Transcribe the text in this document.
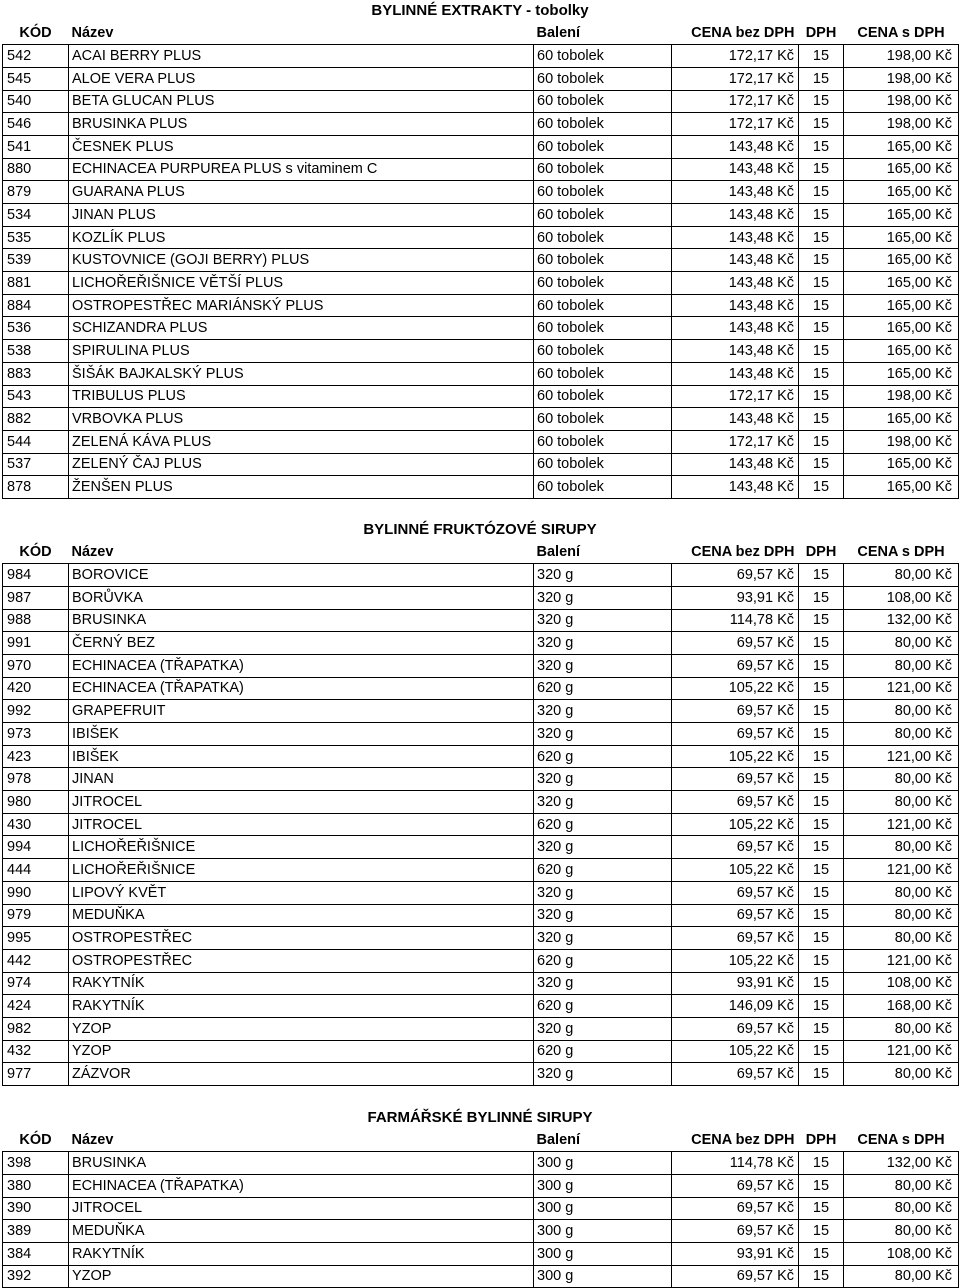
BYLINNÉ EXTRAKTY - tobolky
KÓD	Název	Balení	CENA bez DPH	DPH	CENA s DPH
542	ACAI BERRY PLUS	60 tobolek	172,17 Kč	15	198,00 Kč
545	ALOE VERA PLUS	60 tobolek	172,17 Kč	15	198,00 Kč
540	BETA GLUCAN PLUS	60 tobolek	172,17 Kč	15	198,00 Kč
546	BRUSINKA PLUS	60 tobolek	172,17 Kč	15	198,00 Kč
541	ČESNEK PLUS	60 tobolek	143,48 Kč	15	165,00 Kč
880	ECHINACEA PURPUREA PLUS s vitaminem C	60 tobolek	143,48 Kč	15	165,00 Kč
879	GUARANA PLUS	60 tobolek	143,48 Kč	15	165,00 Kč
534	JINAN PLUS	60 tobolek	143,48 Kč	15	165,00 Kč
535	KOZLÍK PLUS	60 tobolek	143,48 Kč	15	165,00 Kč
539	KUSTOVNICE (GOJI BERRY) PLUS	60 tobolek	143,48 Kč	15	165,00 Kč
881	LICHOŘEŘIŠNICE VĚTŠÍ PLUS	60 tobolek	143,48 Kč	15	165,00 Kč
884	OSTROPESTŘEC MARIÁNSKÝ PLUS	60 tobolek	143,48 Kč	15	165,00 Kč
536	SCHIZANDRA PLUS	60 tobolek	143,48 Kč	15	165,00 Kč
538	SPIRULINA PLUS	60 tobolek	143,48 Kč	15	165,00 Kč
883	ŠIŠÁK BAJKALSKÝ PLUS	60 tobolek	143,48 Kč	15	165,00 Kč
543	TRIBULUS PLUS	60 tobolek	172,17 Kč	15	198,00 Kč
882	VRBOVKA PLUS	60 tobolek	143,48 Kč	15	165,00 Kč
544	ZELENÁ KÁVA PLUS	60 tobolek	172,17 Kč	15	198,00 Kč
537	ZELENÝ ČAJ PLUS	60 tobolek	143,48 Kč	15	165,00 Kč
878	ŽENŠEN PLUS	60 tobolek	143,48 Kč	15	165,00 Kč
BYLINNÉ FRUKTÓZOVÉ SIRUPY
KÓD	Název	Balení	CENA bez DPH	DPH	CENA s DPH
984	BOROVICE	320 g	69,57 Kč	15	80,00 Kč
987	BORŮVKA	320 g	93,91 Kč	15	108,00 Kč
988	BRUSINKA	320 g	114,78 Kč	15	132,00 Kč
991	ČERNÝ BEZ	320 g	69,57 Kč	15	80,00 Kč
970	ECHINACEA (TŘAPATKA)	320 g	69,57 Kč	15	80,00 Kč
420	ECHINACEA (TŘAPATKA)	620 g	105,22 Kč	15	121,00 Kč
992	GRAPEFRUIT	320 g	69,57 Kč	15	80,00 Kč
973	IBIŠEK	320 g	69,57 Kč	15	80,00 Kč
423	IBIŠEK	620 g	105,22 Kč	15	121,00 Kč
978	JINAN	320 g	69,57 Kč	15	80,00 Kč
980	JITROCEL	320 g	69,57 Kč	15	80,00 Kč
430	JITROCEL	620 g	105,22 Kč	15	121,00 Kč
994	LICHOŘEŘIŠNICE	320 g	69,57 Kč	15	80,00 Kč
444	LICHOŘEŘIŠNICE	620 g	105,22 Kč	15	121,00 Kč
990	LIPOVÝ KVĚT	320 g	69,57 Kč	15	80,00 Kč
979	MEDUŇKA	320 g	69,57 Kč	15	80,00 Kč
995	OSTROPESTŘEC	320 g	69,57 Kč	15	80,00 Kč
442	OSTROPESTŘEC	620 g	105,22 Kč	15	121,00 Kč
974	RAKYTNÍK	320 g	93,91 Kč	15	108,00 Kč
424	RAKYTNÍK	620 g	146,09 Kč	15	168,00 Kč
982	YZOP	320 g	69,57 Kč	15	80,00 Kč
432	YZOP	620 g	105,22 Kč	15	121,00 Kč
977	ZÁZVOR	320 g	69,57 Kč	15	80,00 Kč
FARMÁŘSKÉ BYLINNÉ SIRUPY
KÓD	Název	Balení	CENA bez DPH	DPH	CENA s DPH
398	BRUSINKA	300 g	114,78 Kč	15	132,00 Kč
380	ECHINACEA (TŘAPATKA)	300 g	69,57 Kč	15	80,00 Kč
390	JITROCEL	300 g	69,57 Kč	15	80,00 Kč
389	MEDUŇKA	300 g	69,57 Kč	15	80,00 Kč
384	RAKYTNÍK	300 g	93,91 Kč	15	108,00 Kč
392	YZOP	300 g	69,57 Kč	15	80,00 Kč
